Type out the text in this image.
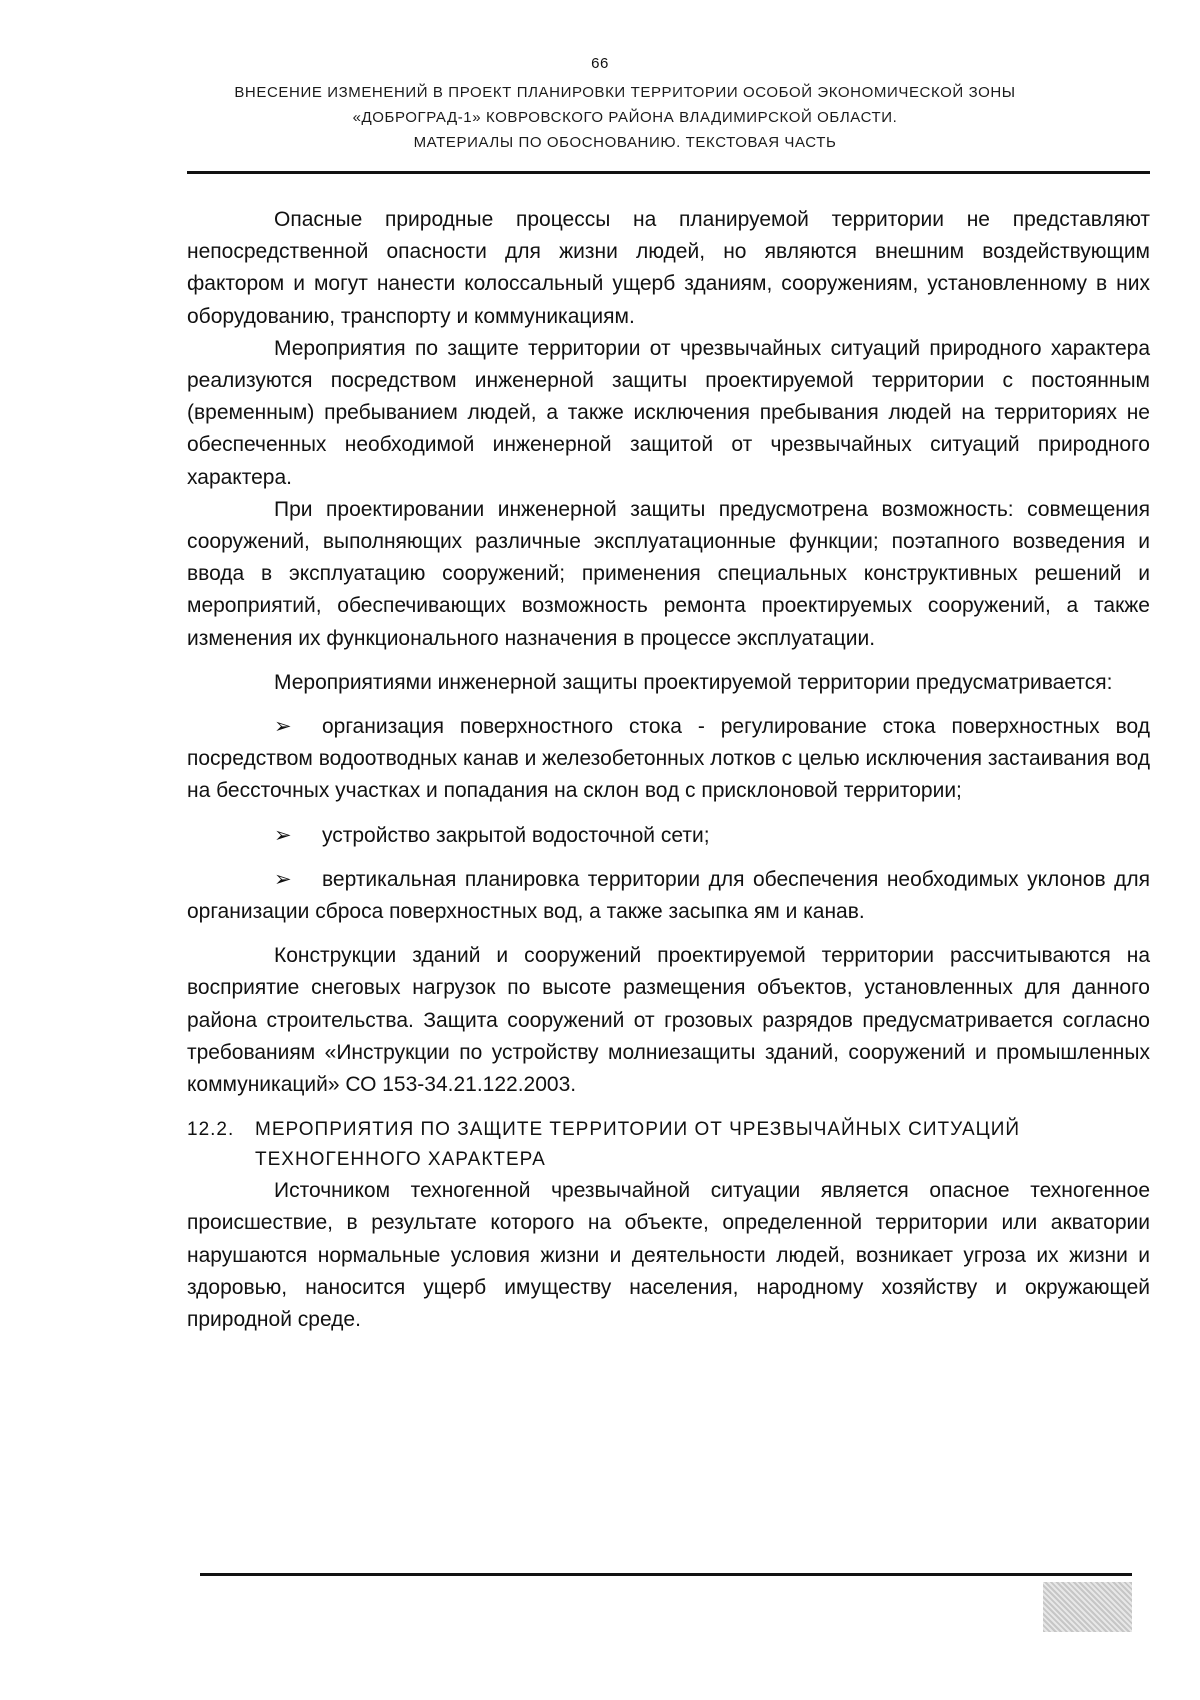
66
ВНЕСЕНИЕ ИЗМЕНЕНИЙ В ПРОЕКТ ПЛАНИРОВКИ ТЕРРИТОРИИ ОСОБОЙ ЭКОНОМИЧЕСКОЙ ЗОНЫ
«ДОБРОГРАД-1» КОВРОВСКОГО РАЙОНА ВЛАДИМИРСКОЙ ОБЛАСТИ.
МАТЕРИАЛЫ ПО ОБОСНОВАНИЮ. ТЕКСТОВАЯ ЧАСТЬ

Опасные природные процессы на планируемой территории не представляют непосредственной опасности для жизни людей, но являются внешним воздействующим фактором и могут нанести колоссальный ущерб зданиям, сооружениям, установленному в них оборудованию, транспорту и коммуникациям.

Мероприятия по защите территории от чрезвычайных ситуаций природного характера реализуются посредством инженерной защиты проектируемой территории с постоянным (временным) пребыванием людей, а также исключения пребывания людей на территориях не обеспеченных необходимой инженерной защитой от чрезвычайных ситуаций природного характера.

При проектировании инженерной защиты предусмотрена возможность: совмещения сооружений, выполняющих различные эксплуатационные функции; поэтапного возведения и ввода в эксплуатацию сооружений; применения специальных конструктивных решений и мероприятий, обеспечивающих возможность ремонта проектируемых сооружений, а также изменения их функционального назначения в процессе эксплуатации.

Мероприятиями инженерной защиты проектируемой территории предусматривается:

➢ организация поверхностного стока - регулирование стока поверхностных вод посредством водоотводных канав и железобетонных лотков с целью исключения застаивания вод на бессточных участках и попадания на склон вод с присклоновой территории;

➢ устройство закрытой водосточной сети;

➢ вертикальная планировка территории для обеспечения необходимых уклонов для организации сброса поверхностных вод, а также засыпка ям и канав.

Конструкции зданий и сооружений проектируемой территории рассчитываются на восприятие снеговых нагрузок по высоте размещения объектов, установленных для данного района строительства. Защита сооружений от грозовых разрядов предусматривается согласно требованиям «Инструкции по устройству молниезащиты зданий, сооружений и промышленных коммуникаций» СО 153-34.21.122.2003.

12.2. МЕРОПРИЯТИЯ ПО ЗАЩИТЕ ТЕРРИТОРИИ ОТ ЧРЕЗВЫЧАЙНЫХ СИТУАЦИЙ
ТЕХНОГЕННОГО ХАРАКТЕРА

Источником техногенной чрезвычайной ситуации является опасное техногенное происшествие, в результате которого на объекте, определенной территории или акватории нарушаются нормальные условия жизни и деятельности людей, возникает угроза их жизни и здоровью, наносится ущерб имуществу населения, народному хозяйству и окружающей природной среде.
